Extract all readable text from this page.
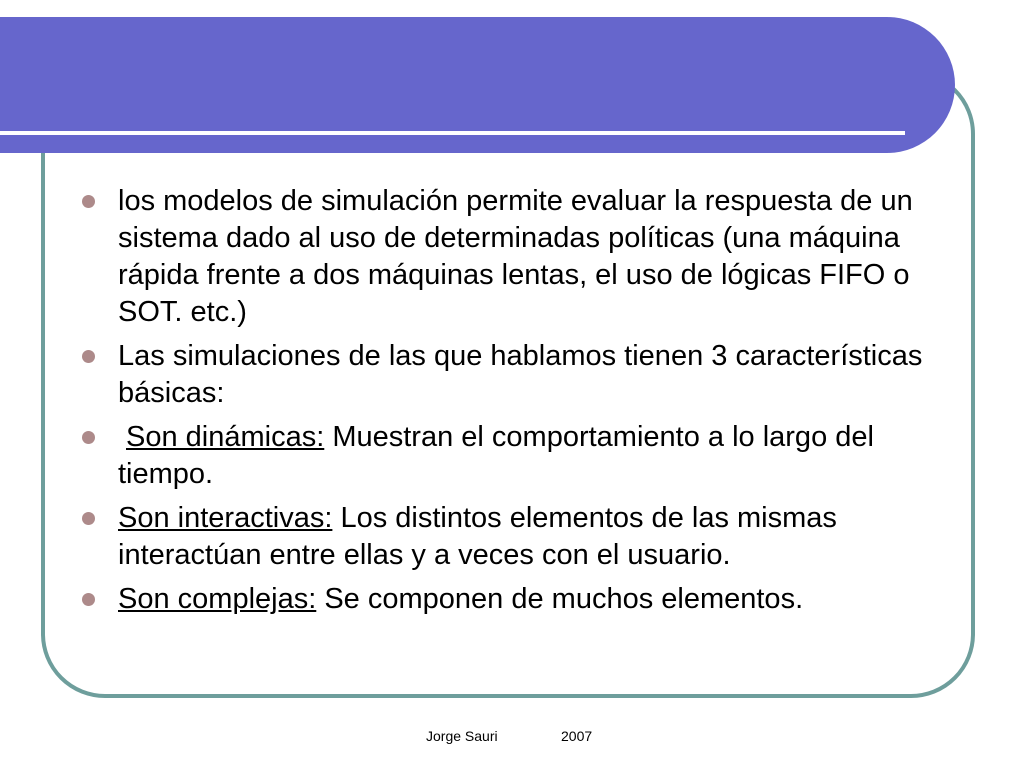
los modelos de simulación permite evaluar la respuesta de un sistema dado al uso de determinadas políticas (una máquina rápida frente a dos máquinas lentas, el uso de lógicas FIFO o SOT. etc.)
Las simulaciones de las que hablamos tienen 3 características básicas:
Son dinámicas: Muestran el comportamiento a lo largo del tiempo.
Son interactivas: Los distintos elementos de las mismas interactúan entre ellas y a veces con el usuario.
Son complejas: Se componen de muchos elementos.
Jorge Sauri	2007
